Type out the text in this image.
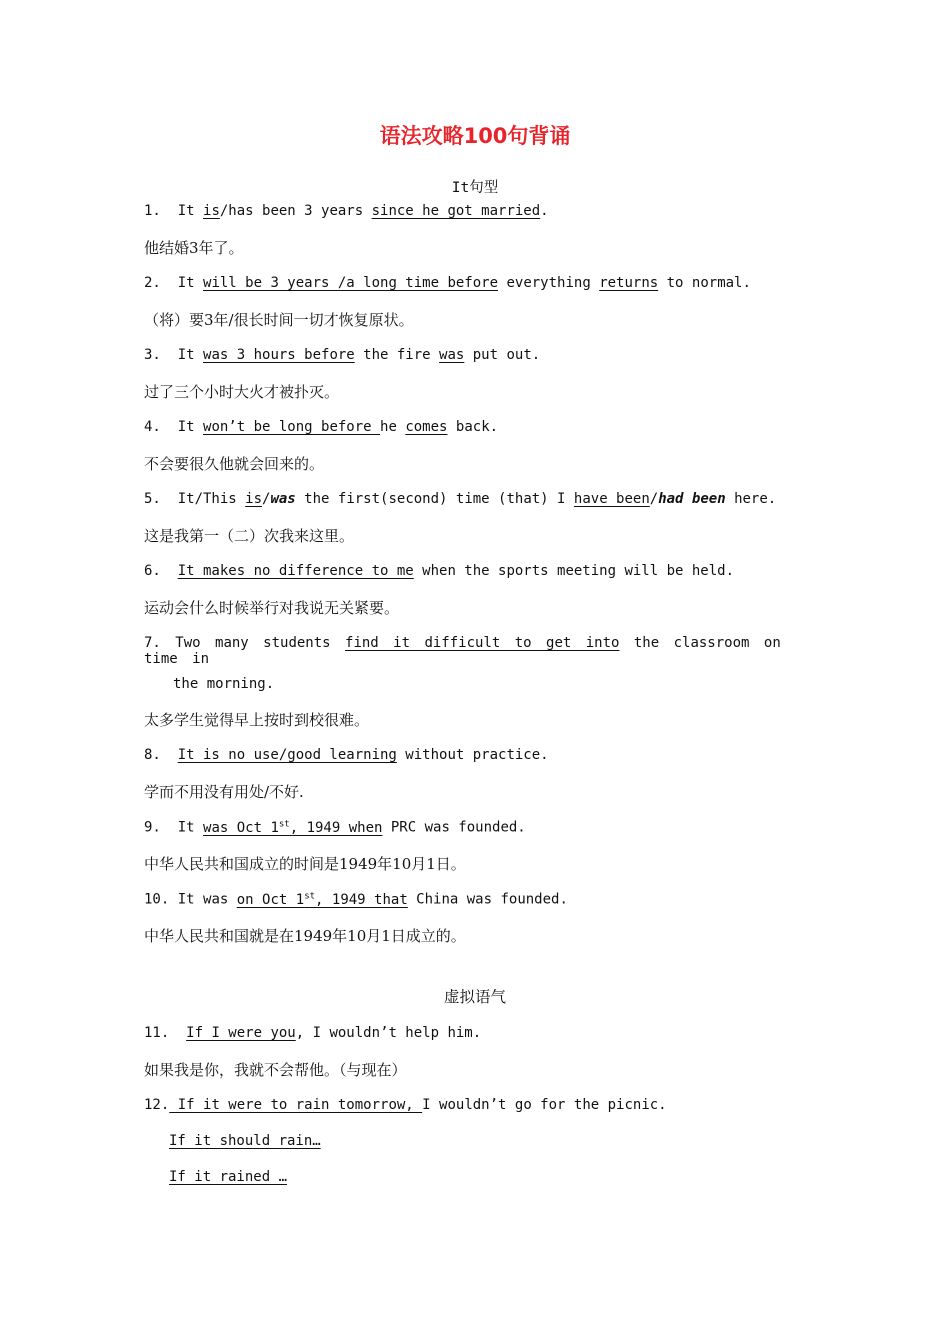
语法攻略100句背诵
It句型
1. It is/has been 3 years since he got married.
他结婚3年了。
2. It will be 3 years /a long time before everything returns to normal.
（将）要3年/很长时间一切才恢复原状。
3. It was 3 hours before the fire was put out.
过了三个小时大火才被扑灭。
4. It won’t be long before he comes back.
不会要很久他就会回来的。
5. It/This is/was the first(second) time (that) I have been/had been here.
这是我第一（二）次我来这里。
6. It makes no difference to me when the sports meeting will be held.
运动会什么时候举行对我说无关紧要。
7. Two many students find it difficult to get into the classroom on time in
the morning.
太多学生觉得早上按时到校很难。
8. It is no use/good learning without practice.
学而不用没有用处/不好.
9. It was Oct 1st, 1949 when PRC was founded.
中华人民共和国成立的时间是1949年10月1日。
10. It was on Oct 1st, 1949 that China was founded.
中华人民共和国就是在1949年10月1日成立的。
虚拟语气
11. If I were you, I wouldn’t help him.
如果我是你，我就不会帮他。（与现在）
12. If it were to rain tomorrow, I wouldn’t go for the picnic.
If it should rain…
If it rained …
